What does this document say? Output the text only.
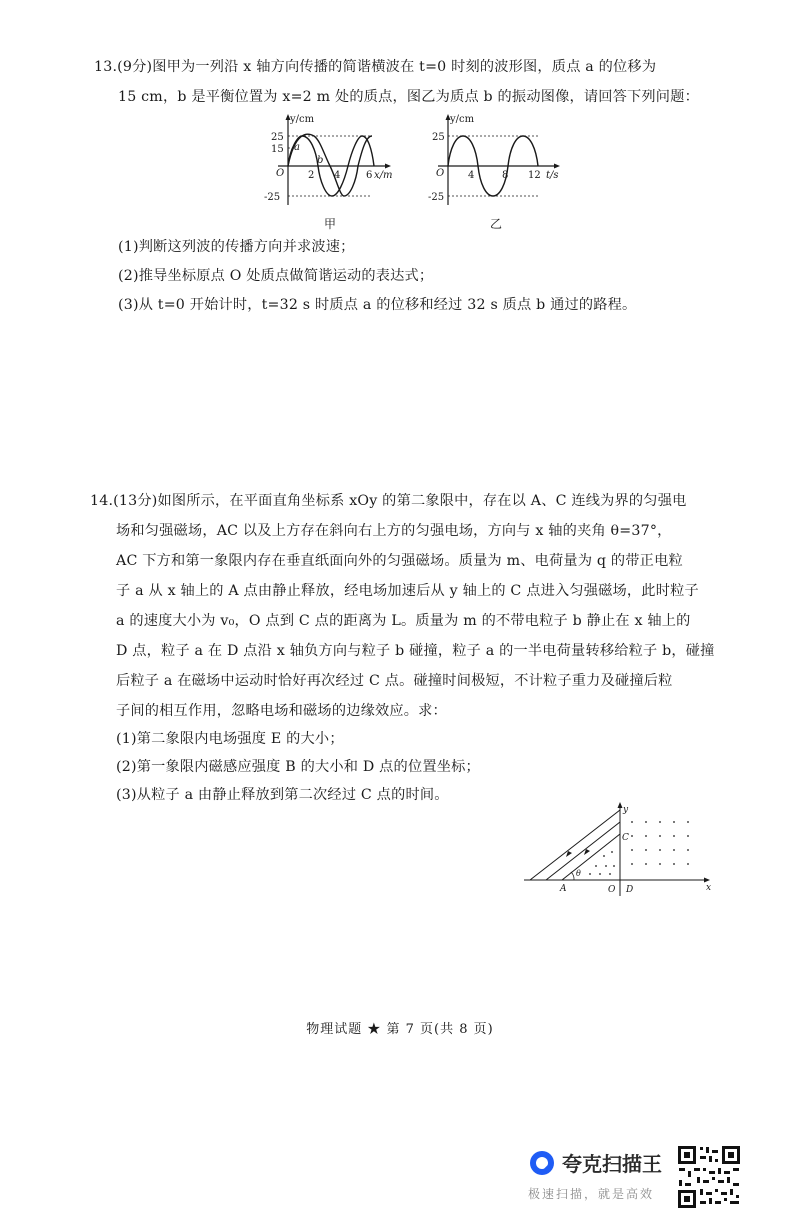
13.(9分)图甲为一列沿 x 轴方向传播的简谐横波在 t=0 时刻的波形图，质点 a 的位移为
15 cm，b 是平衡位置为 x=2 m 处的质点，图乙为质点 b 的振动图像，请回答下列问题：
y/cm
x/m
25
15
O
-25
2 4	6
a
b
甲
y/cm
t/s
25
O
-25
4	8 12
乙
(1)判断这列波的传播方向并求波速；
(2)推导坐标原点 O 处质点做简谐运动的表达式；
(3)从 t=0 开始计时，t=32 s 时质点 a 的位移和经过 32 s 质点 b 通过的路程。
14.(13分)如图所示，在平面直角坐标系 xOy 的第二象限中，存在以 A、C 连线为界的匀强电
场和匀强磁场，AC 以及上方存在斜向右上方的匀强电场，方向与 x 轴的夹角 θ=37°，
AC 下方和第一象限内存在垂直纸面向外的匀强磁场。质量为 m、电荷量为 q 的带正电粒
子 a 从 x 轴上的 A 点由静止释放，经电场加速后从 y 轴上的 C 点进入匀强磁场，此时粒子
a 的速度大小为 v₀，O 点到 C 点的距离为 L。质量为 m 的不带电粒子 b 静止在 x 轴上的
D 点，粒子 a 在 D 点沿 x 轴负方向与粒子 b 碰撞，粒子 a 的一半电荷量转移给粒子 b，碰撞
后粒子 a 在磁场中运动时恰好再次经过 C 点。碰撞时间极短，不计粒子重力及碰撞后粒
子间的相互作用，忽略电场和磁场的边缘效应。求：
(1)第二象限内电场强度 E 的大小；
(2)第一象限内磁感应强度 B 的大小和 D 点的位置坐标；
(3)从粒子 a 由静止释放到第二次经过 C 点的时间。
y
x
C
A	O D
θ
物理试题 ★ 第 7 页(共 8 页)
夸克扫描王
极速扫描，就是高效
